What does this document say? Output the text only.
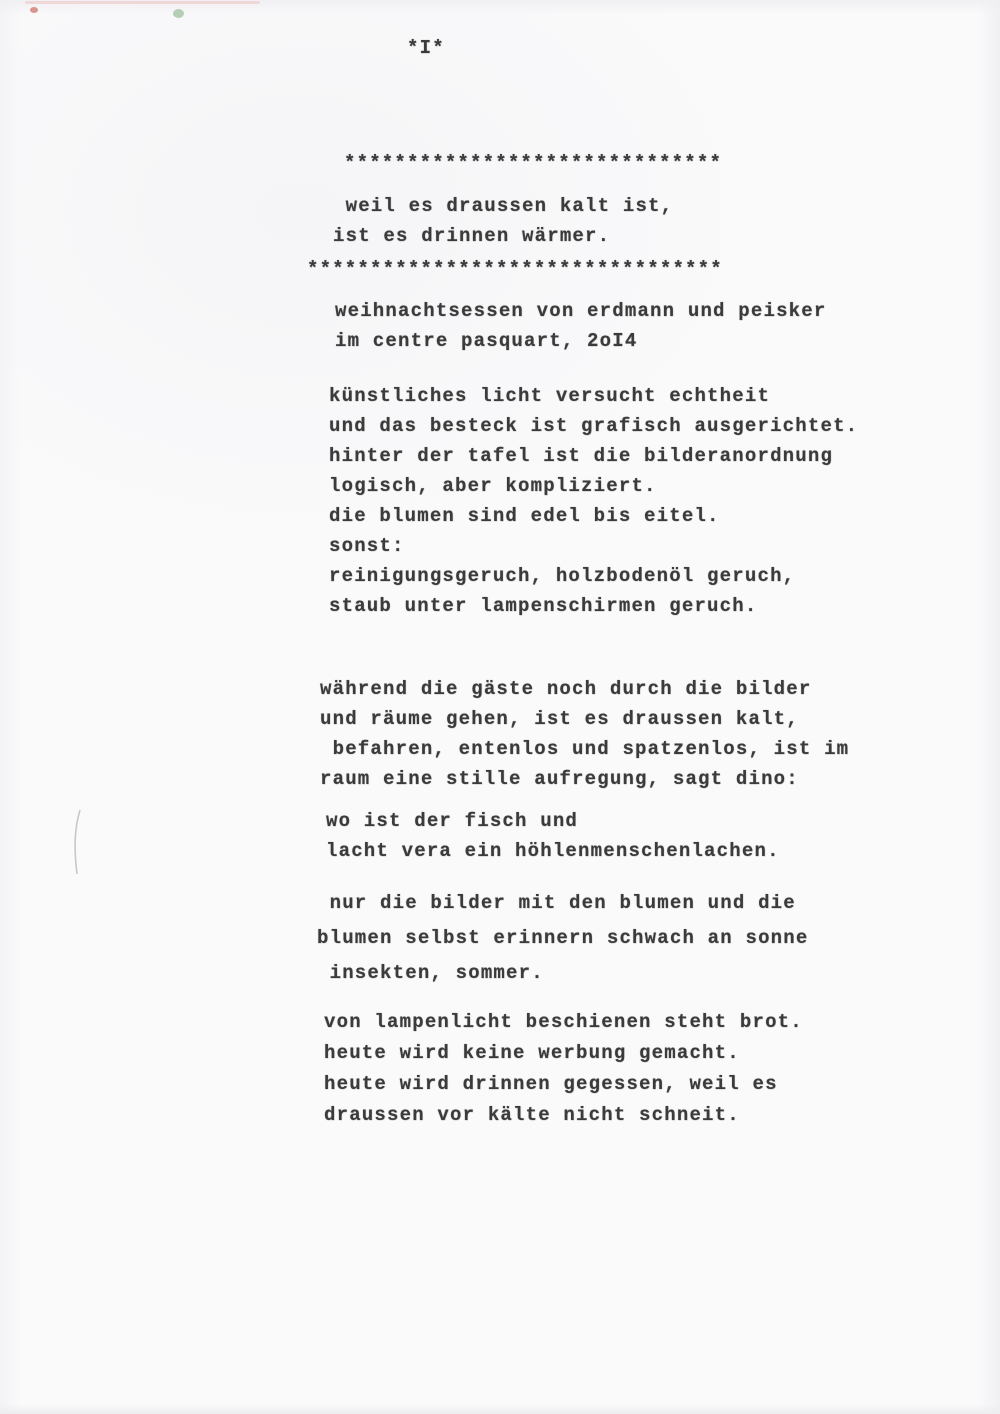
*I*
******************************
weil es draussen kalt ist,
ist es drinnen wärmer.
*********************************
weihnachtsessen von erdmann und peisker
im centre pasquart, 2oI4
künstliches licht versucht echtheit
und das besteck ist grafisch ausgerichtet.
hinter der tafel ist die bilderanordnung
logisch, aber kompliziert.
die blumen sind edel bis eitel.
sonst:
reinigungsgeruch, holzbodenöl geruch,
staub unter lampenschirmen geruch.
während die gäste noch durch die bilder
und räume gehen, ist es draussen kalt,
befahren, entenlos und spatzenlos, ist im
raum eine stille aufregung, sagt dino:
wo ist der fisch und
lacht vera ein höhlenmenschenlachen.
nur die bilder mit den blumen und die
blumen selbst erinnern schwach an sonne
insekten, sommer.
von lampenlicht beschienen steht brot.
heute wird keine werbung gemacht.
heute wird drinnen gegessen, weil es
draussen vor kälte nicht schneit.
